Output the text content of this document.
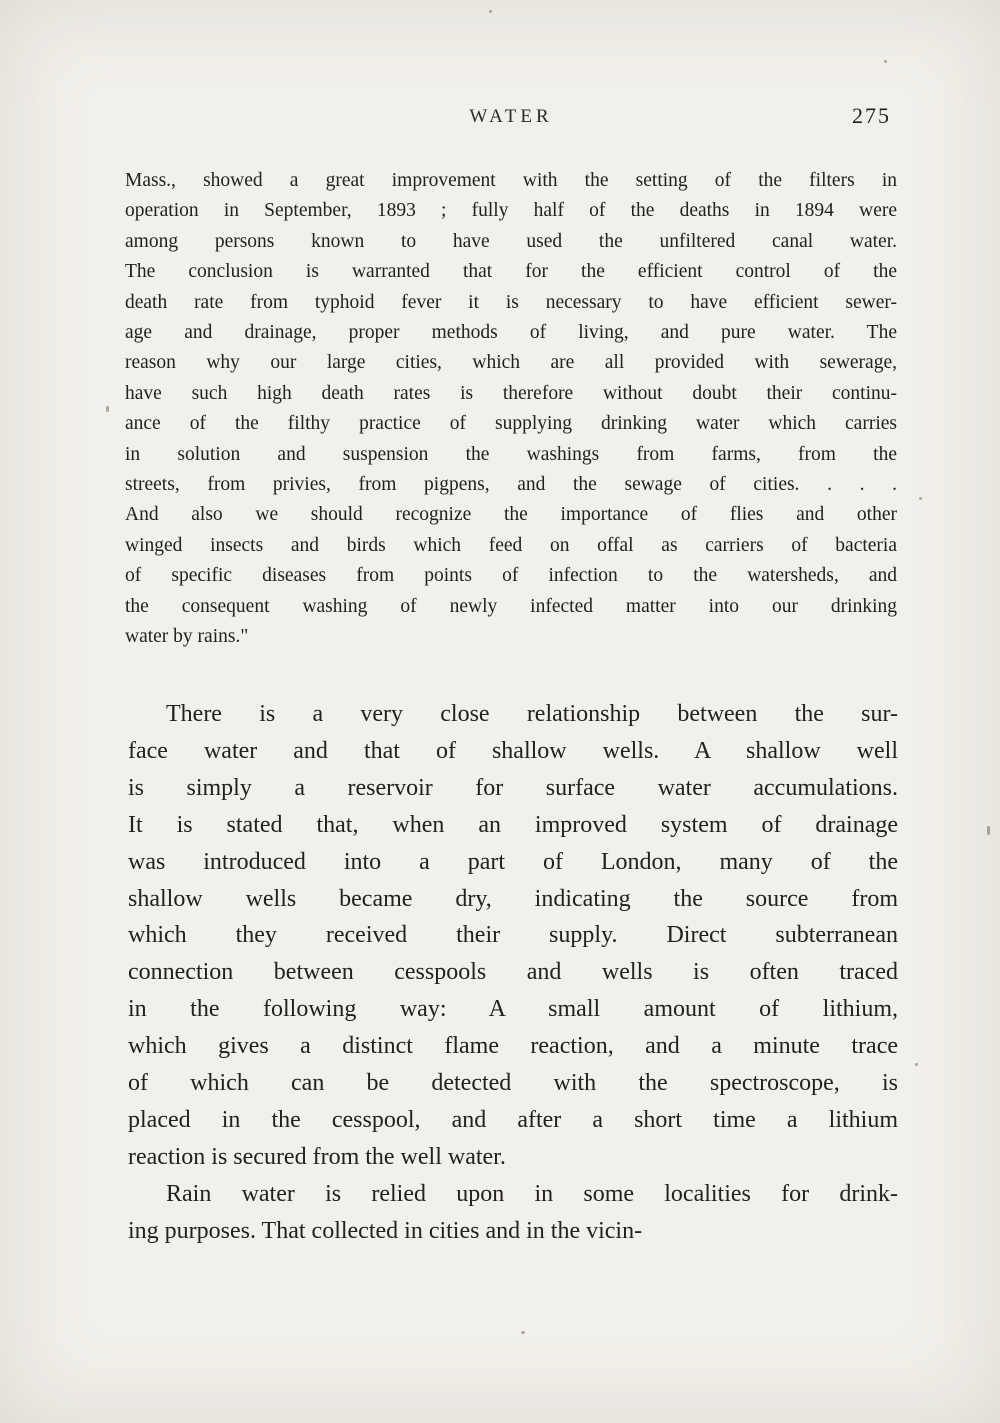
WATER	275
Mass., showed a great improvement with the setting of the filters in
operation in September, 1893 ; fully half of the deaths in 1894 were
among persons known to have used the unfiltered canal water.
The conclusion is warranted that for the efficient control of the
death rate from typhoid fever it is necessary to have efficient sewer-
age and drainage, proper methods of living, and pure water. The
reason why our large cities, which are all provided with sewerage,
have such high death rates is therefore without doubt their continu-
ance of the filthy practice of supplying drinking water which carries
in solution and suspension the washings from farms, from the
streets, from privies, from pigpens, and the sewage of cities. . . .
And also we should recognize the importance of flies and other
winged insects and birds which feed on offal as carriers of bacteria
of specific diseases from points of infection to the watersheds, and
the consequent washing of newly infected matter into our drinking
water by rains."
There is a very close relationship between the sur-
face water and that of shallow wells. A shallow well
is simply a reservoir for surface water accumulations.
It is stated that, when an improved system of drainage
was introduced into a part of London, many of the
shallow wells became dry, indicating the source from
which they received their supply. Direct subterranean
connection between cesspools and wells is often traced
in the following way: A small amount of lithium,
which gives a distinct flame reaction, and a minute trace
of which can be detected with the spectroscope, is
placed in the cesspool, and after a short time a lithium
reaction is secured from the well water.
Rain water is relied upon in some localities for drink-
ing purposes. That collected in cities and in the vicin-
